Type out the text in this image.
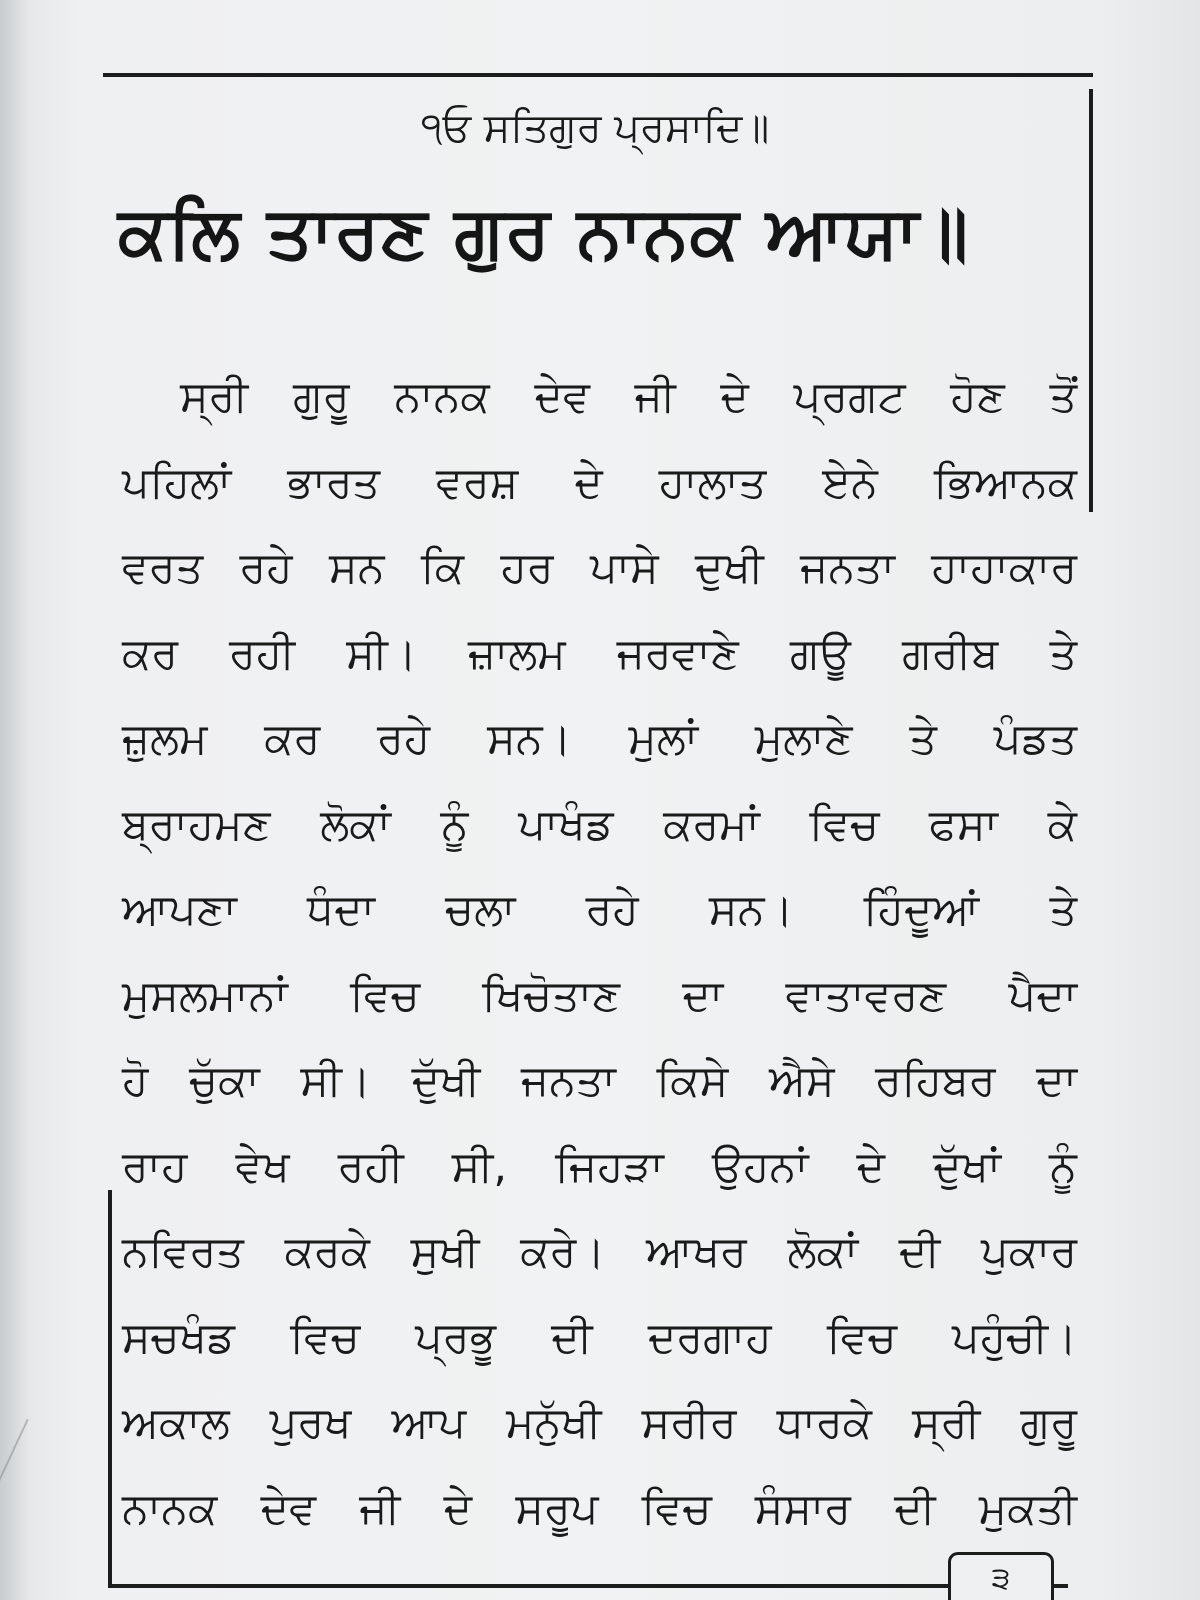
੧ਓ ਸਤਿਗੁਰ ਪ੍ਰਸਾਦਿ॥
ਕਲਿ ਤਾਰਣ ਗੁਰ ਨਾਨਕ ਆਯਾ॥
ਸ੍ਰੀ ਗੁਰੂ ਨਾਨਕ ਦੇਵ ਜੀ ਦੇ ਪ੍ਰਗਟ ਹੋਣ ਤੋਂ
ਪਹਿਲਾਂ ਭਾਰਤ ਵਰਸ਼ ਦੇ ਹਾਲਾਤ ਏਨੇ ਭਿਆਨਕ
ਵਰਤ ਰਹੇ ਸਨ ਕਿ ਹਰ ਪਾਸੇ ਦੁਖੀ ਜਨਤਾ ਹਾਹਾਕਾਰ
ਕਰ ਰਹੀ ਸੀ। ਜ਼ਾਲਮ ਜਰਵਾਣੇ ਗਊ ਗਰੀਬ ਤੇ
ਜ਼ੁਲਮ ਕਰ ਰਹੇ ਸਨ। ਮੁਲਾਂ ਮੁਲਾਣੇ ਤੇ ਪੰਡਤ
ਬ੍ਰਾਹਮਣ ਲੋਕਾਂ ਨੂੰ ਪਾਖੰਡ ਕਰਮਾਂ ਵਿਚ ਫਸਾ ਕੇ
ਆਪਣਾ ਧੰਦਾ ਚਲਾ ਰਹੇ ਸਨ। ਹਿੰਦੂਆਂ ਤੇ
ਮੁਸਲਮਾਨਾਂ ਵਿਚ ਖਿਚੋਤਾਣ ਦਾ ਵਾਤਾਵਰਣ ਪੈਦਾ
ਹੋ ਚੁੱਕਾ ਸੀ। ਦੁੱਖੀ ਜਨਤਾ ਕਿਸੇ ਐਸੇ ਰਹਿਬਰ ਦਾ
ਰਾਹ ਵੇਖ ਰਹੀ ਸੀ, ਜਿਹੜਾ ਉਹਨਾਂ ਦੇ ਦੁੱਖਾਂ ਨੂੰ
ਨਵਿਰਤ ਕਰਕੇ ਸੁਖੀ ਕਰੇ। ਆਖਰ ਲੋਕਾਂ ਦੀ ਪੁਕਾਰ
ਸਚਖੰਡ ਵਿਚ ਪ੍ਰਭੂ ਦੀ ਦਰਗਾਹ ਵਿਚ ਪਹੁੰਚੀ।
ਅਕਾਲ ਪੁਰਖ ਆਪ ਮਨੁੱਖੀ ਸਰੀਰ ਧਾਰਕੇ ਸ੍ਰੀ ਗੁਰੂ
ਨਾਨਕ ਦੇਵ ਜੀ ਦੇ ਸਰੂਪ ਵਿਚ ਸੰਸਾਰ ਦੀ ਮੁਕਤੀ
੩
